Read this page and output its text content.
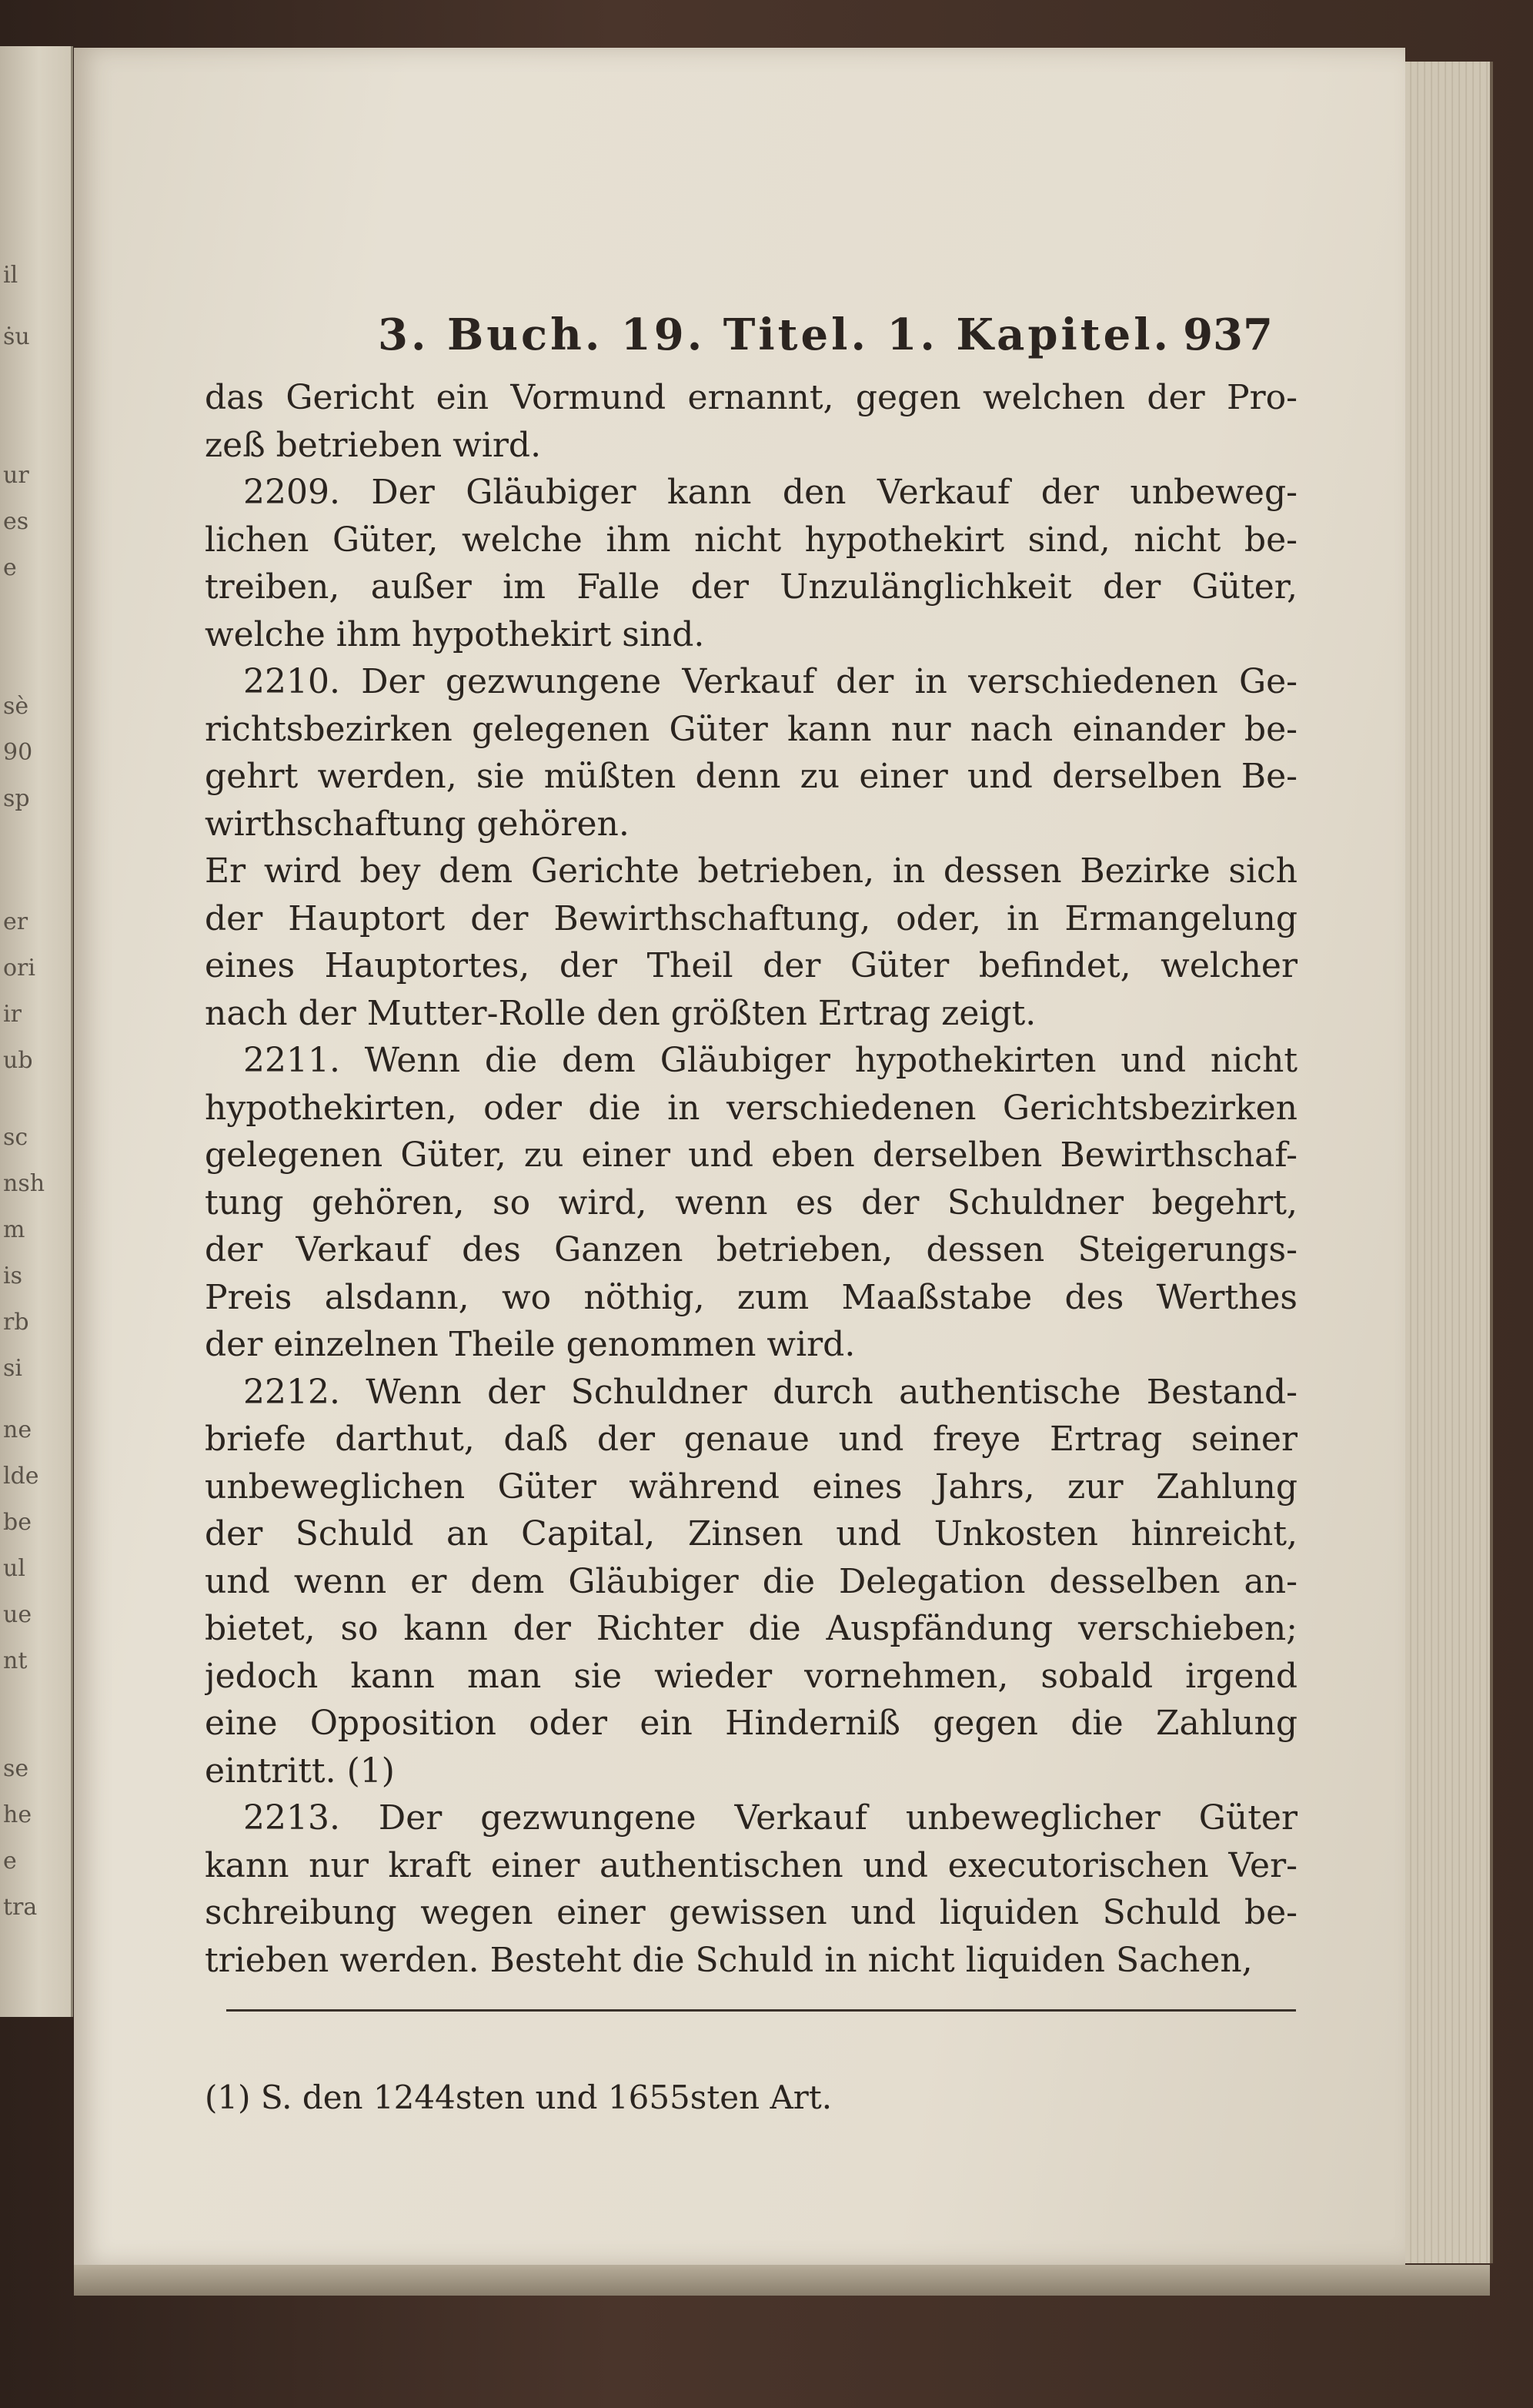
il
ṡu
ur
es
e
sè
90
sp
er
ori
ir
ub
sc
nsh
m
is
rb
si
ne
lde
be
ul
ue
nt
se
he
e
tra
3. Buch. 19. Titel. 1. Kapitel. 937
das Gericht ein Vormund ernannt, gegen welchen der Pro-
zeß betrieben wird.
2209. Der Gläubiger kann den Verkauf der unbeweg-
lichen Güter, welche ihm nicht hypothekirt sind, nicht be-
treiben, außer im Falle der Unzulänglichkeit der Güter,
welche ihm hypothekirt sind.
2210. Der gezwungene Verkauf der in verschiedenen Ge-
richtsbezirken gelegenen Güter kann nur nach einander be-
gehrt werden, sie müßten denn zu einer und derselben Be-
wirthschaftung gehören.
Er wird bey dem Gerichte betrieben, in dessen Bezirke sich
der Hauptort der Bewirthschaftung, oder, in Ermangelung
eines Hauptortes, der Theil der Güter befindet, welcher
nach der Mutter-Rolle den größten Ertrag zeigt.
2211. Wenn die dem Gläubiger hypothekirten und nicht
hypothekirten, oder die in verschiedenen Gerichtsbezirken
gelegenen Güter, zu einer und eben derselben Bewirthschaf-
tung gehören, so wird, wenn es der Schuldner begehrt,
der Verkauf des Ganzen betrieben, dessen Steigerungs-
Preis alsdann, wo nöthig, zum Maaßstabe des Werthes
der einzelnen Theile genommen wird.
2212. Wenn der Schuldner durch authentische Bestand-
briefe darthut, daß der genaue und freye Ertrag seiner
unbeweglichen Güter während eines Jahrs, zur Zahlung
der Schuld an Capital, Zinsen und Unkosten hinreicht,
und wenn er dem Gläubiger die Delegation desselben an-
bietet, so kann der Richter die Auspfändung verschieben;
jedoch kann man sie wieder vornehmen, sobald irgend
eine Opposition oder ein Hinderniß gegen die Zahlung
eintritt. (1)
2213. Der gezwungene Verkauf unbeweglicher Güter
kann nur kraft einer authentischen und executorischen Ver-
schreibung wegen einer gewissen und liquiden Schuld be-
trieben werden. Besteht die Schuld in nicht liquiden Sachen,
(1) S. den 1244sten und 1655sten Art.
